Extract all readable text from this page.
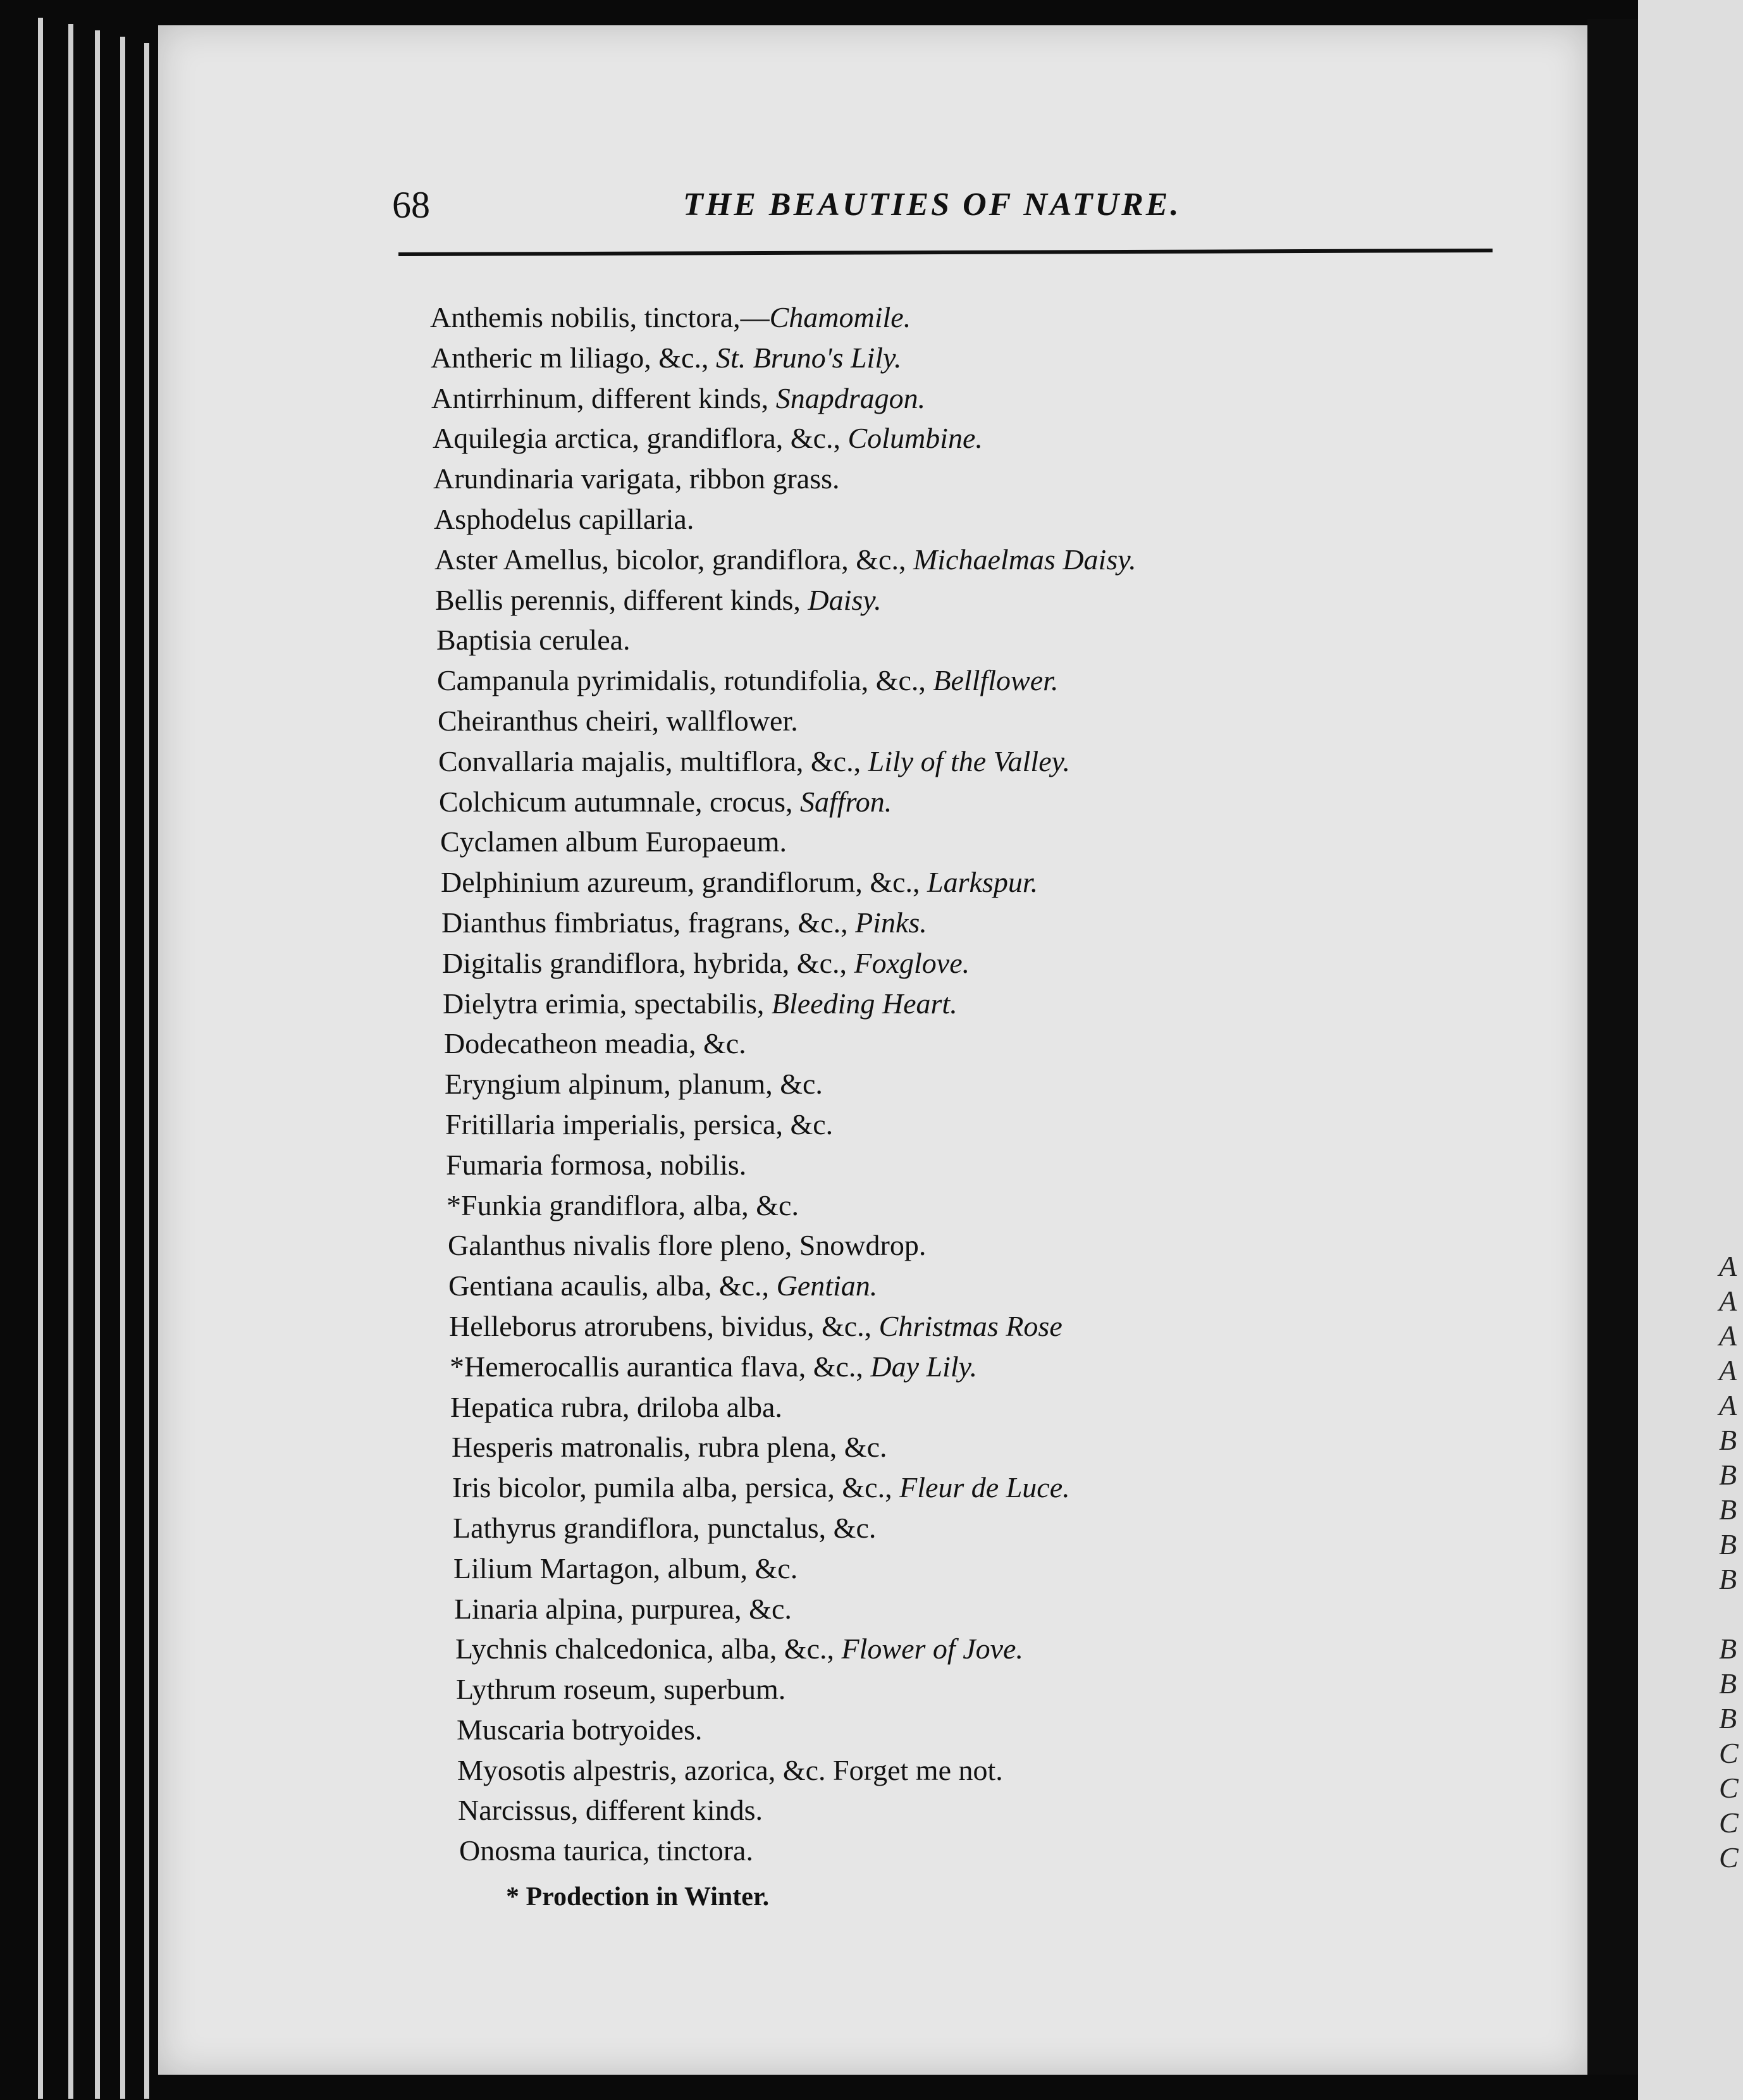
68	THE BEAUTIES OF NATURE.
Anthemis nobilis, tinctora,—Chamomile.
Antheric m liliago, &c., St. Bruno's Lily.
Antirrhinum, different kinds, Snapdragon.
Aquilegia arctica, grandiflora, &c., Columbine.
Arundinaria varigata, ribbon grass.
Asphodelus capillaria.
Aster Amellus, bicolor, grandiflora, &c., Michaelmas Daisy.
Bellis perennis, different kinds, Daisy.
Baptisia cerulea.
Campanula pyrimidalis, rotundifolia, &c., Bellflower.
Cheiranthus cheiri, wallflower.
Convallaria majalis, multiflora, &c., Lily of the Valley.
Colchicum autumnale, crocus, Saffron.
Cyclamen album Europaeum.
Delphinium azureum, grandiflorum, &c., Larkspur.
Dianthus fimbriatus, fragrans, &c., Pinks.
Digitalis grandiflora, hybrida, &c., Foxglove.
Dielytra erimia, spectabilis, Bleeding Heart.
Dodecatheon meadia, &c.
Eryngium alpinum, planum, &c.
Fritillaria imperialis, persica, &c.
Fumaria formosa, nobilis.
*Funkia grandiflora, alba, &c.
Galanthus nivalis flore pleno, Snowdrop.
Gentiana acaulis, alba, &c., Gentian.
Helleborus atrorubens, bividus, &c., Christmas Rose
*Hemerocallis aurantica flava, &c., Day Lily.
Hepatica rubra, driloba alba.
Hesperis matronalis, rubra plena, &c.
Iris bicolor, pumila alba, persica, &c., Fleur de Luce.
Lathyrus grandiflora, punctalus, &c.
Lilium Martagon, album, &c.
Linaria alpina, purpurea, &c.
Lychnis chalcedonica, alba, &c., Flower of Jove.
Lythrum roseum, superbum.
Muscaria botryoides.
Myosotis alpestris, azorica, &c. Forget me not.
Narcissus, different kinds.
Onosma taurica, tinctora.
* Prodection in Winter.
A
A
A
A
A
B
B
B
B
B
B
B
B
C
C
C
C
